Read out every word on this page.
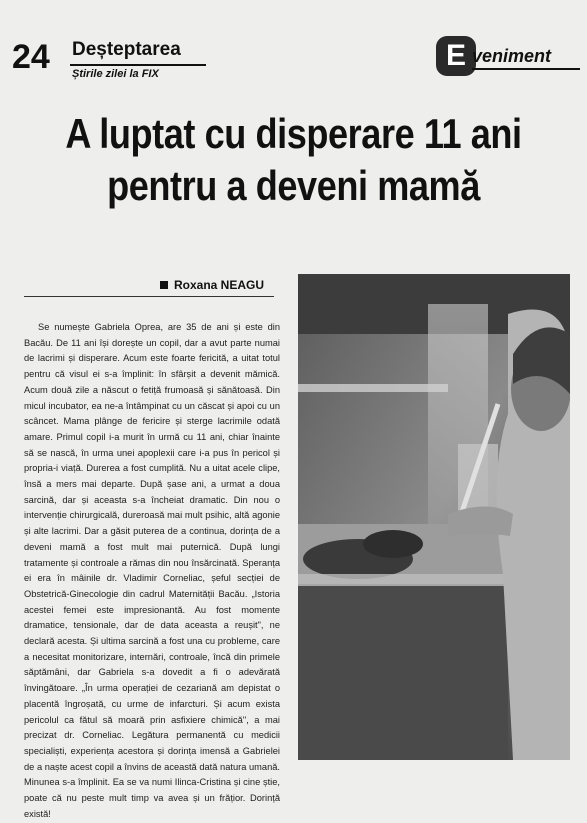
24 Deșteptarea
Știrile zilei la FIX
E veniment
A luptat cu disperare 11 ani
pentru a deveni mamă
Roxana NEAGU

Se numește Gabriela Oprea, are 35 de ani și este din Bacău. De 11 ani își dorește un copil, dar a avut parte numai de lacrimi și disperare. Acum este foarte fericită, a uitat totul pentru că visul ei s-a împlinit: în sfârșit a devenit mămică. Acum două zile a născut o fetiță frumoasă și sănătoasă. Din micul incubator, ea ne-a întâmpinat cu un căscat și apoi cu un scâncet. Mama plânge de fericire și sterge lacrimile odată amare. Primul copil i-a murit în urmă cu 11 ani, chiar înainte să se nască, în urma unei apoplexii care i-a pus în pericol și propria-i viață. Durerea a fost cumplită. Nu a uitat acele clipe, însă a mers mai departe. După șase ani, a urmat a doua sarcină, dar și aceasta s-a încheiat dramatic. Din nou o intervenție chirurgicală, dureroasă mai mult psihic, altă agonie și alte lacrimi. Dar a găsit puterea de a continua, dorința de a deveni mamă a fost mult mai puternică. După lungi tratamente și controale a rămas din nou însărcinată. Speranța ei era în mâinile dr. Vladimir Corneliac, șeful secției de Obstetrică-Ginecologie din cadrul Maternității Bacău. „Istoria acestei femei este impresionantă. Au fost momente dramatice, tensionale, dar de data aceasta a reușit", ne declară acesta. Și ultima sarcină a fost una cu probleme, care a necesitat monitorizare, internări, controale, încă din primele săptămâni, dar Gabriela s-a dovedit a fi o adevărată învingătoare. „În urma operației de cezariană am depistat o placentă îngroșată, cu urme de infarcturi. Și acum exista pericolul ca fătul să moară prin asfixiere chimică", a mai precizat dr. Corneliac. Legătura permanentă cu medicii specialiști, experiența acestora și dorința imensă a Gabrielei de a naște acest copil a învins de această dată natura umană. Minunea s-a împlinit. Ea se va numi Ilinca-Cristina și cine știe, poate că nu peste mult timp va avea și un frățior. Dorință există!
